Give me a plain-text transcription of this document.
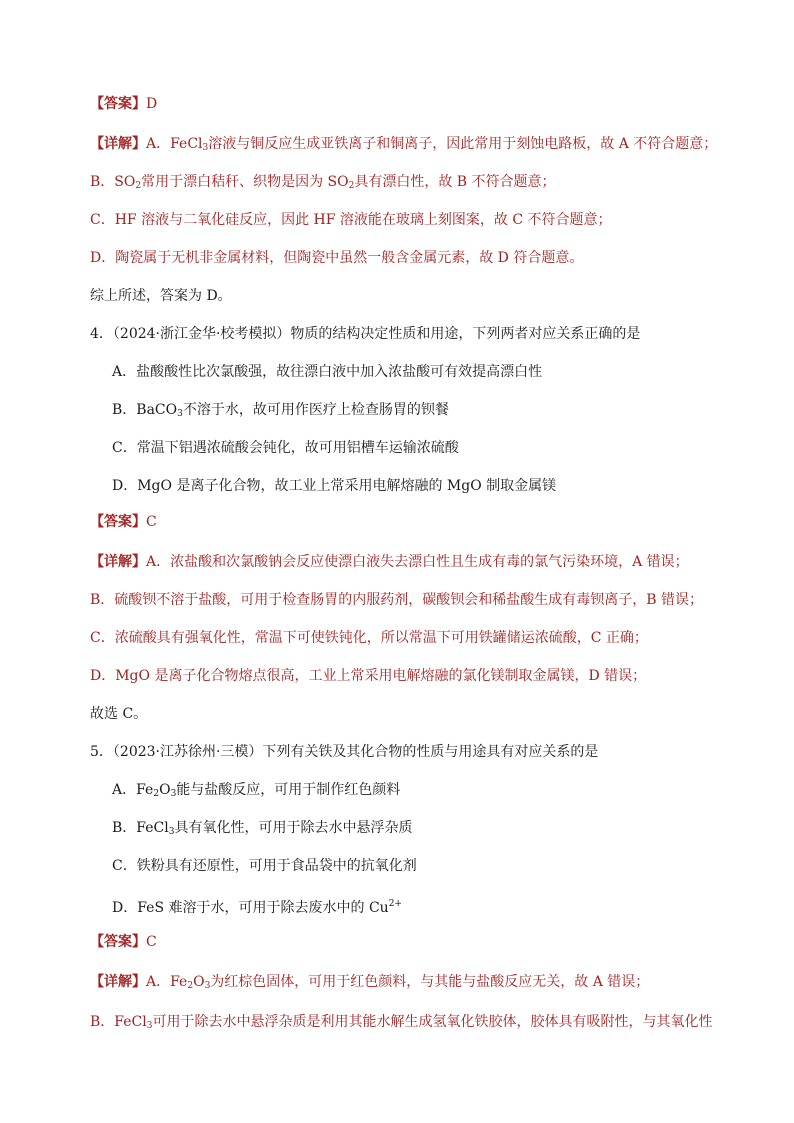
【答案】D
【详解】A．FeCl$_3$溶液与铜反应生成亚铁离子和铜离子，因此常用于刻蚀电路板，故 A 不符合题意；
B．$SO_2$常用于漂白秸秆、织物是因为 $SO_2$具有漂白性，故 B 不符合题意；
C．HF 溶液与二氧化硅反应，因此 HF 溶液能在玻璃上刻图案，故 C 不符合题意；
D．陶瓷属于无机非金属材料，但陶瓷中虽然一般含金属元素，故 D 符合题意。
综上所述，答案为 D。
4．（2024·浙江金华·校考模拟）物质的结构决定性质和用途，下列两者对应关系正确的是
A．盐酸酸性比次氯酸强，故往漂白液中加入浓盐酸可有效提高漂白性
B．BaCO$_3$不溶于水，故可用作医疗上检查肠胃的钡餐
C．常温下铝遇浓硫酸会钝化，故可用铝槽车运输浓硫酸
D．MgO 是离子化合物，故工业上常采用电解熔融的 MgO 制取金属镁
【答案】C
【详解】A．浓盐酸和次氯酸钠会反应使漂白液失去漂白性且生成有毒的氯气污染环境，A 错误；
B．硫酸钡不溶于盐酸，可用于检查肠胃的内服药剂，碳酸钡会和稀盐酸生成有毒钡离子，B 错误；
C．浓硫酸具有强氧化性，常温下可使铁钝化，所以常温下可用铁罐储运浓硫酸，C 正确；
D．MgO 是离子化合物熔点很高，工业上常采用电解熔融的氯化镁制取金属镁，D 错误；
故选 C。
5．（2023·江苏徐州·三模）下列有关铁及其化合物的性质与用途具有对应关系的是
A．$Fe_2O_3$能与盐酸反应，可用于制作红色颜料
B．FeCl$_3$具有氧化性，可用于除去水中悬浮杂质
C．铁粉具有还原性，可用于食品袋中的抗氧化剂
D．FeS 难溶于水，可用于除去废水中的 $Cu^{2+}$
【答案】C
【详解】A．$Fe_2O_3$为红棕色固体，可用于红色颜料，与其能与盐酸反应无关，故 A 错误；
B．FeCl$_3$可用于除去水中悬浮杂质是利用其能水解生成氢氧化铁胶体，胶体具有吸附性，与其氧化性
